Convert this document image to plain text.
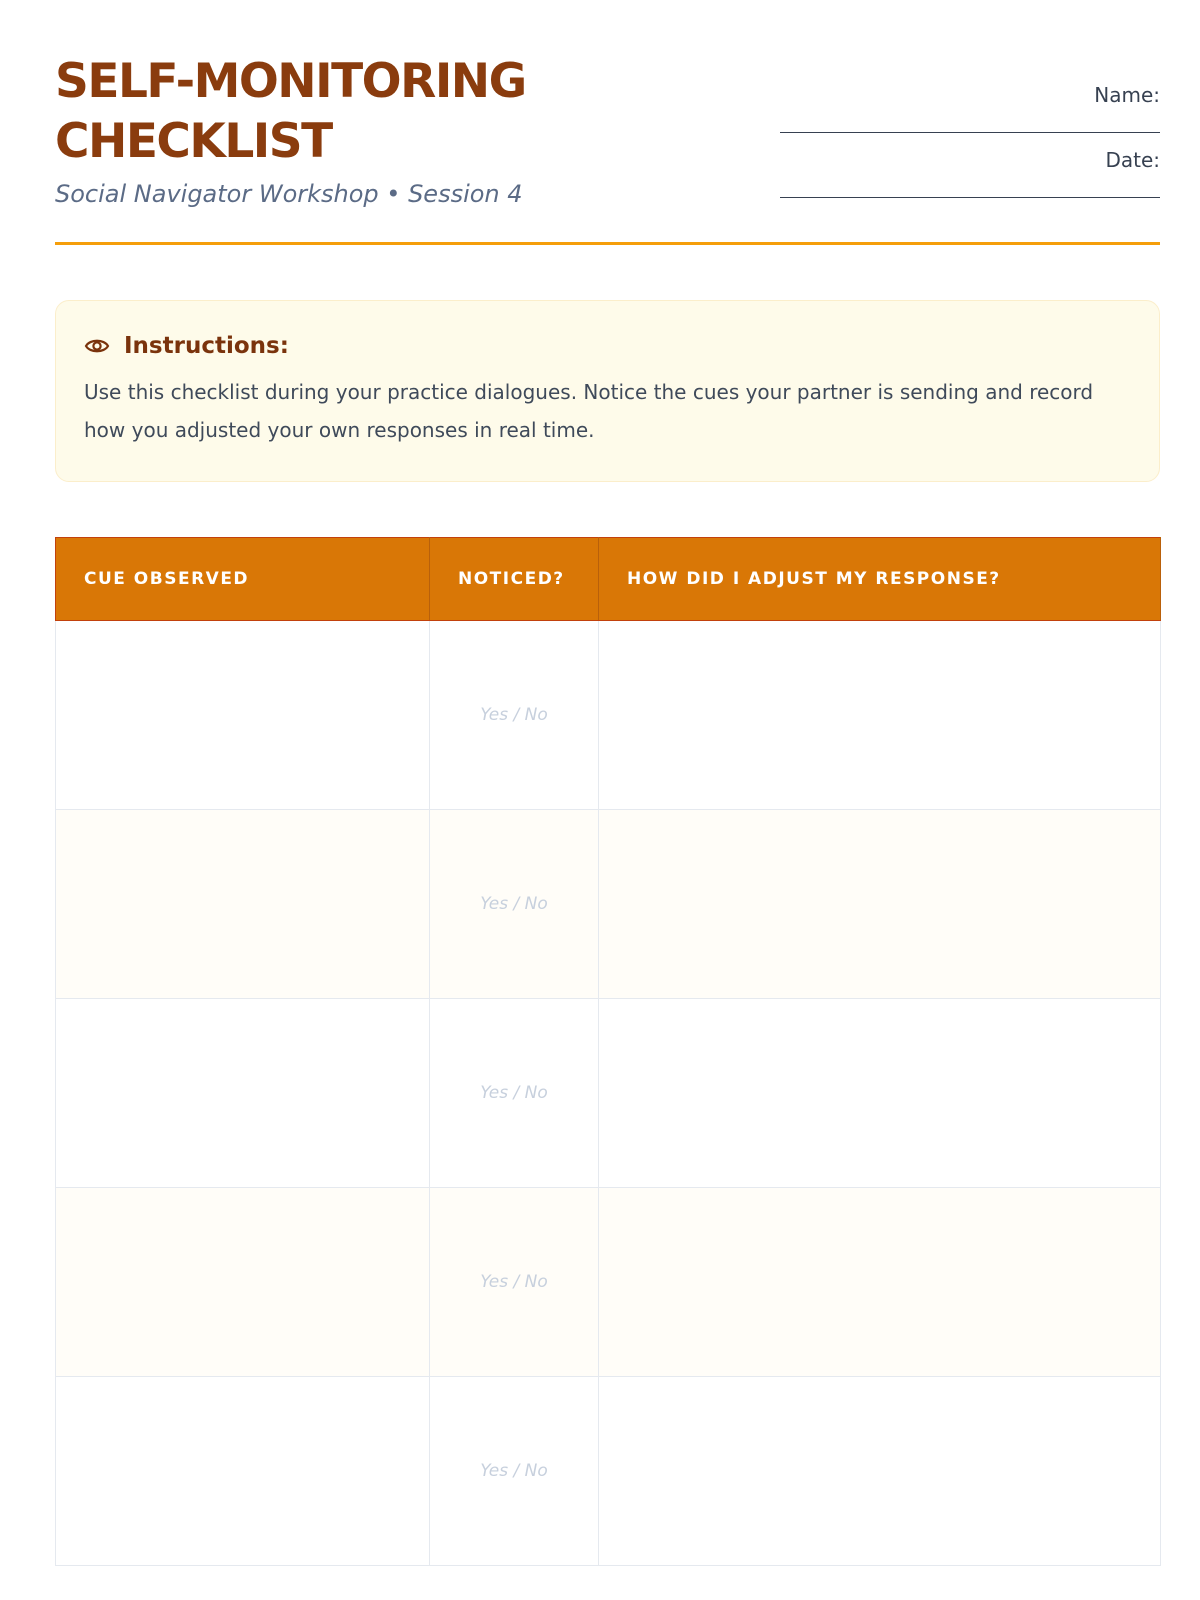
SELF-MONITORING CHECKLIST
Social Navigator Workshop • Session 4
Name:
Date:
Instructions:
Use this checklist during your practice dialogues. Notice the cues your partner is sending and record how you adjusted your own responses in real time.
CUE OBSERVED	NOTICED?	HOW DID I ADJUST MY RESPONSE?
	Yes / No	
	Yes / No	
	Yes / No	
	Yes / No	
	Yes / No	
